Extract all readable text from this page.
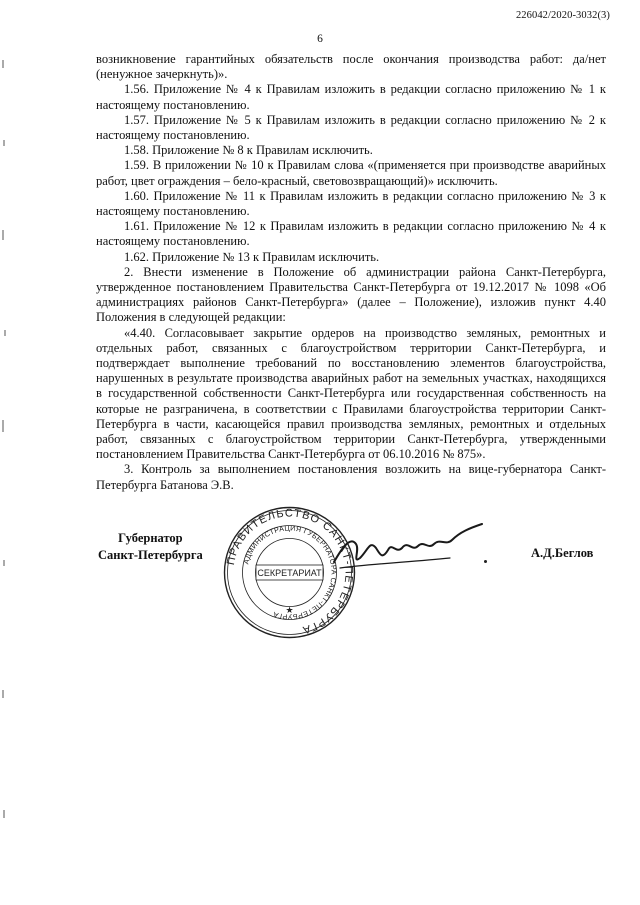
226042/2020-3032(3)
6

возникновение гарантийных обязательств после окончания производства работ: да/нет (ненужное зачеркнуть)».

1.56. Приложение № 4 к Правилам изложить в редакции согласно приложению № 1 к настоящему постановлению.

1.57. Приложение № 5 к Правилам изложить в редакции согласно приложению № 2 к настоящему постановлению.

1.58. Приложение № 8 к Правилам исключить.

1.59. В приложении № 10 к Правилам слова «(применяется при производстве аварийных работ, цвет ограждения – бело-красный, световозвращающий)» исключить.

1.60. Приложение № 11 к Правилам изложить в редакции согласно приложению № 3 к настоящему постановлению.

1.61. Приложение № 12 к Правилам изложить в редакции согласно приложению № 4 к настоящему постановлению.

1.62. Приложение № 13 к Правилам исключить.

2. Внести изменение в Положение об администрации района Санкт-Петербурга, утвержденное постановлением Правительства Санкт-Петербурга от 19.12.2017 № 1098 «Об администрациях районов Санкт-Петербурга» (далее – Положение), изложив пункт 4.40 Положения в следующей редакции:

«4.40. Согласовывает закрытие ордеров на производство земляных, ремонтных и отдельных работ, связанных с благоустройством территории Санкт-Петербурга, и подтверждает выполнение требований по восстановлению элементов благоустройства, нарушенных в результате производства аварийных работ на земельных участках, находящихся в государственной собственности Санкт-Петербурга или государственная собственность на которые не разграничена, в соответствии с Правилами благоустройства территории Санкт-Петербурга в части, касающейся правил производства земляных, ремонтных и отдельных работ, связанных с благоустройством территории Санкт-Петербурга, утвержденными постановлением Правительства Санкт-Петербурга от 06.10.2016 № 875».

3. Контроль за выполнением постановления возложить на вице-губернатора Санкт-Петербурга Батанова Э.В.

Губернатор
Санкт-Петербурга ПРАВИТЕЛЬСТВО САНКТ-ПЕТЕРБУРГА
АДМИНИСТРАЦИЯ ГУБЕРНАТОРА САНКТ-ПЕТЕРБУРГА
СЕКРЕТАРИАТ
★
А.Д.Беглов
